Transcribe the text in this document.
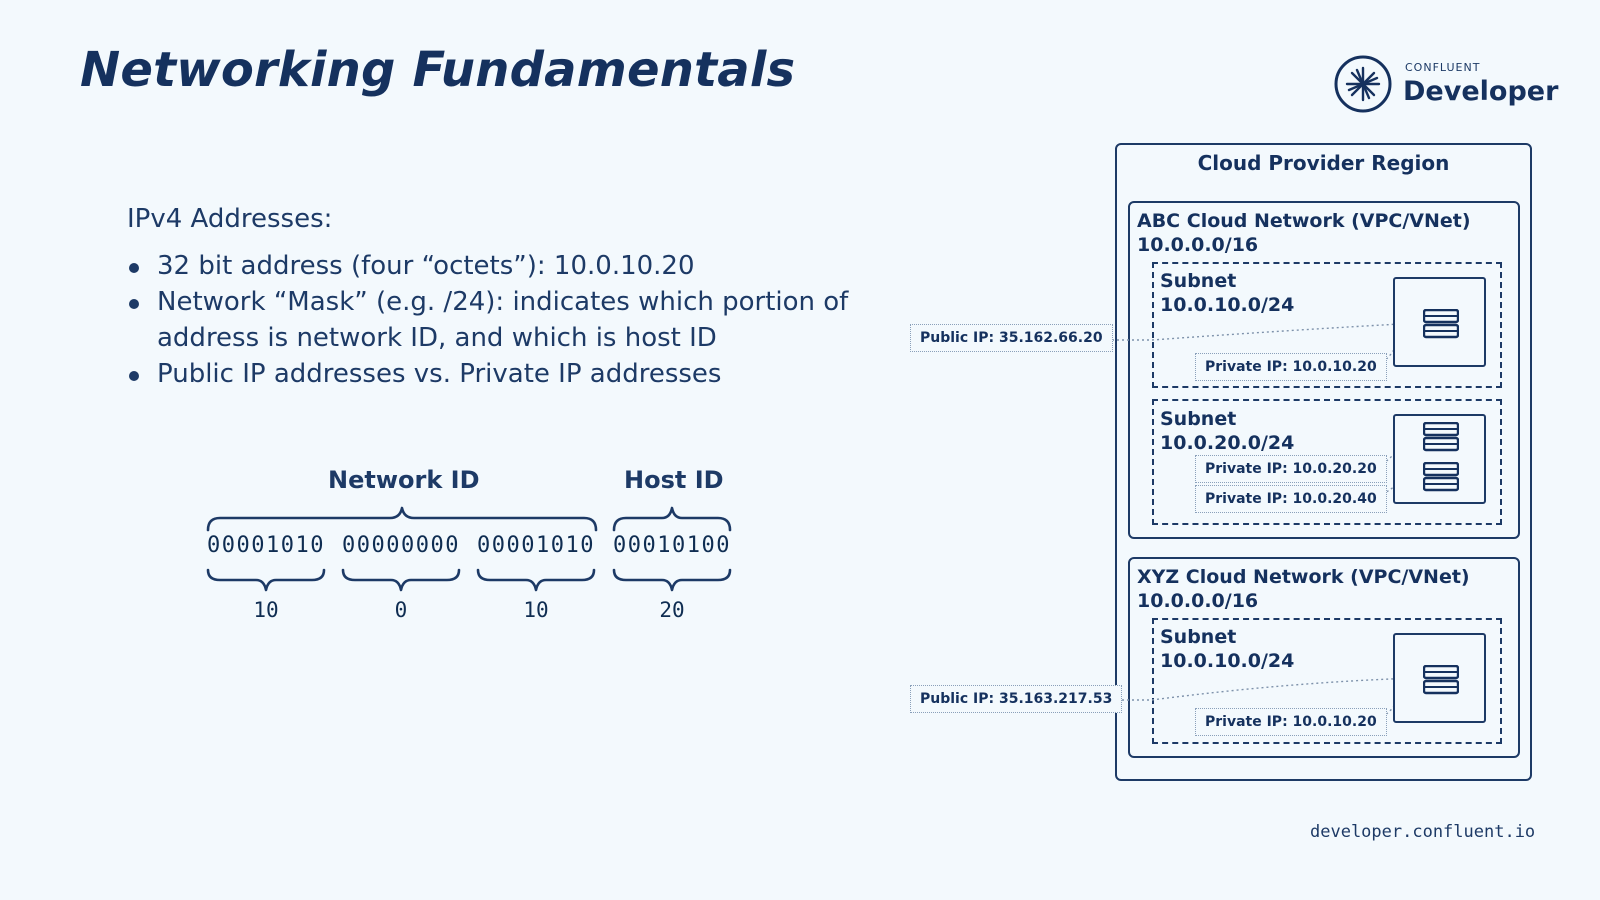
Networking Fundamentals	CONFLUENT
Developer
IPv4 Addresses:
32 bit address (four “octets”): 10.0.10.20
Network “Mask” (e.g. /24): indicates which portion of address is network ID, and which is host ID
Public IP addresses vs. Private IP addresses
Network ID	Host ID
00001010 00000000 00001010 00010100
10	0	10	20
Cloud Provider Region
ABC Cloud Network (VPC/VNet)
10.0.0.0/16
Subnet
10.0.10.0/24
Subnet
10.0.20.0/24
XYZ Cloud Network (VPC/VNet)
10.0.0.0/16
Subnet
10.0.10.0/24
Public IP: 35.162.66.20
Public IP: 35.163.217.53
Private IP: 10.0.10.20
Private IP: 10.0.20.20
Private IP: 10.0.20.40
Private IP: 10.0.10.20
developer.confluent.io
